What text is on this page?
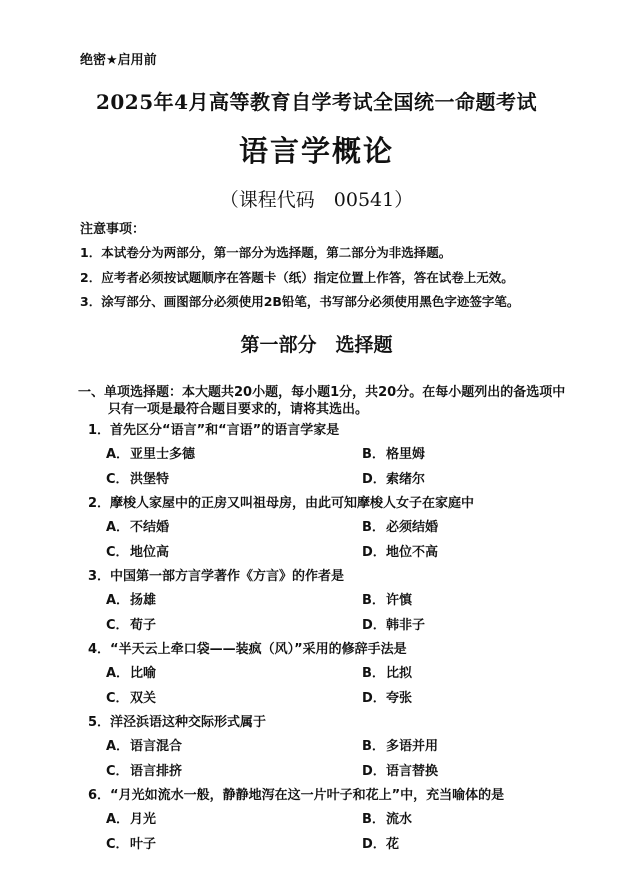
绝密★启用前
2025年4月高等教育自学考试全国统一命题考试
语言学概论
（课程代码　00541）
注意事项：
1．本试卷分为两部分，第一部分为选择题，第二部分为非选择题。
2．应考者必须按试题顺序在答题卡（纸）指定位置上作答，答在试卷上无效。
3．涂写部分、画图部分必须使用2B铅笔，书写部分必须使用黑色字迹签字笔。
第一部分　选择题
一、单项选择题：本大题共20小题，每小题1分，共20分。在每小题列出的备选项中
只有一项是最符合题目要求的，请将其选出。
1．首先区分“语言”和“言语”的语言学家是
A．亚里士多德	B．格里姆
C．洪堡特	D．索绪尔
2．摩梭人家屋中的正房又叫祖母房，由此可知摩梭人女子在家庭中
A．不结婚	B．必须结婚
C．地位高	D．地位不高
3．中国第一部方言学著作《方言》的作者是
A．扬雄	B．许慎
C．荀子	D．韩非子
4．“半天云上牵口袋——装疯（风）”采用的修辞手法是
A．比喻	B．比拟
C．双关	D．夸张
5．洋泾浜语这种交际形式属于
A．语言混合	B．多语并用
C．语言排挤	D．语言替换
6．“月光如流水一般，静静地泻在这一片叶子和花上”中，充当喻体的是
A．月光	B．流水
C．叶子	D．花
